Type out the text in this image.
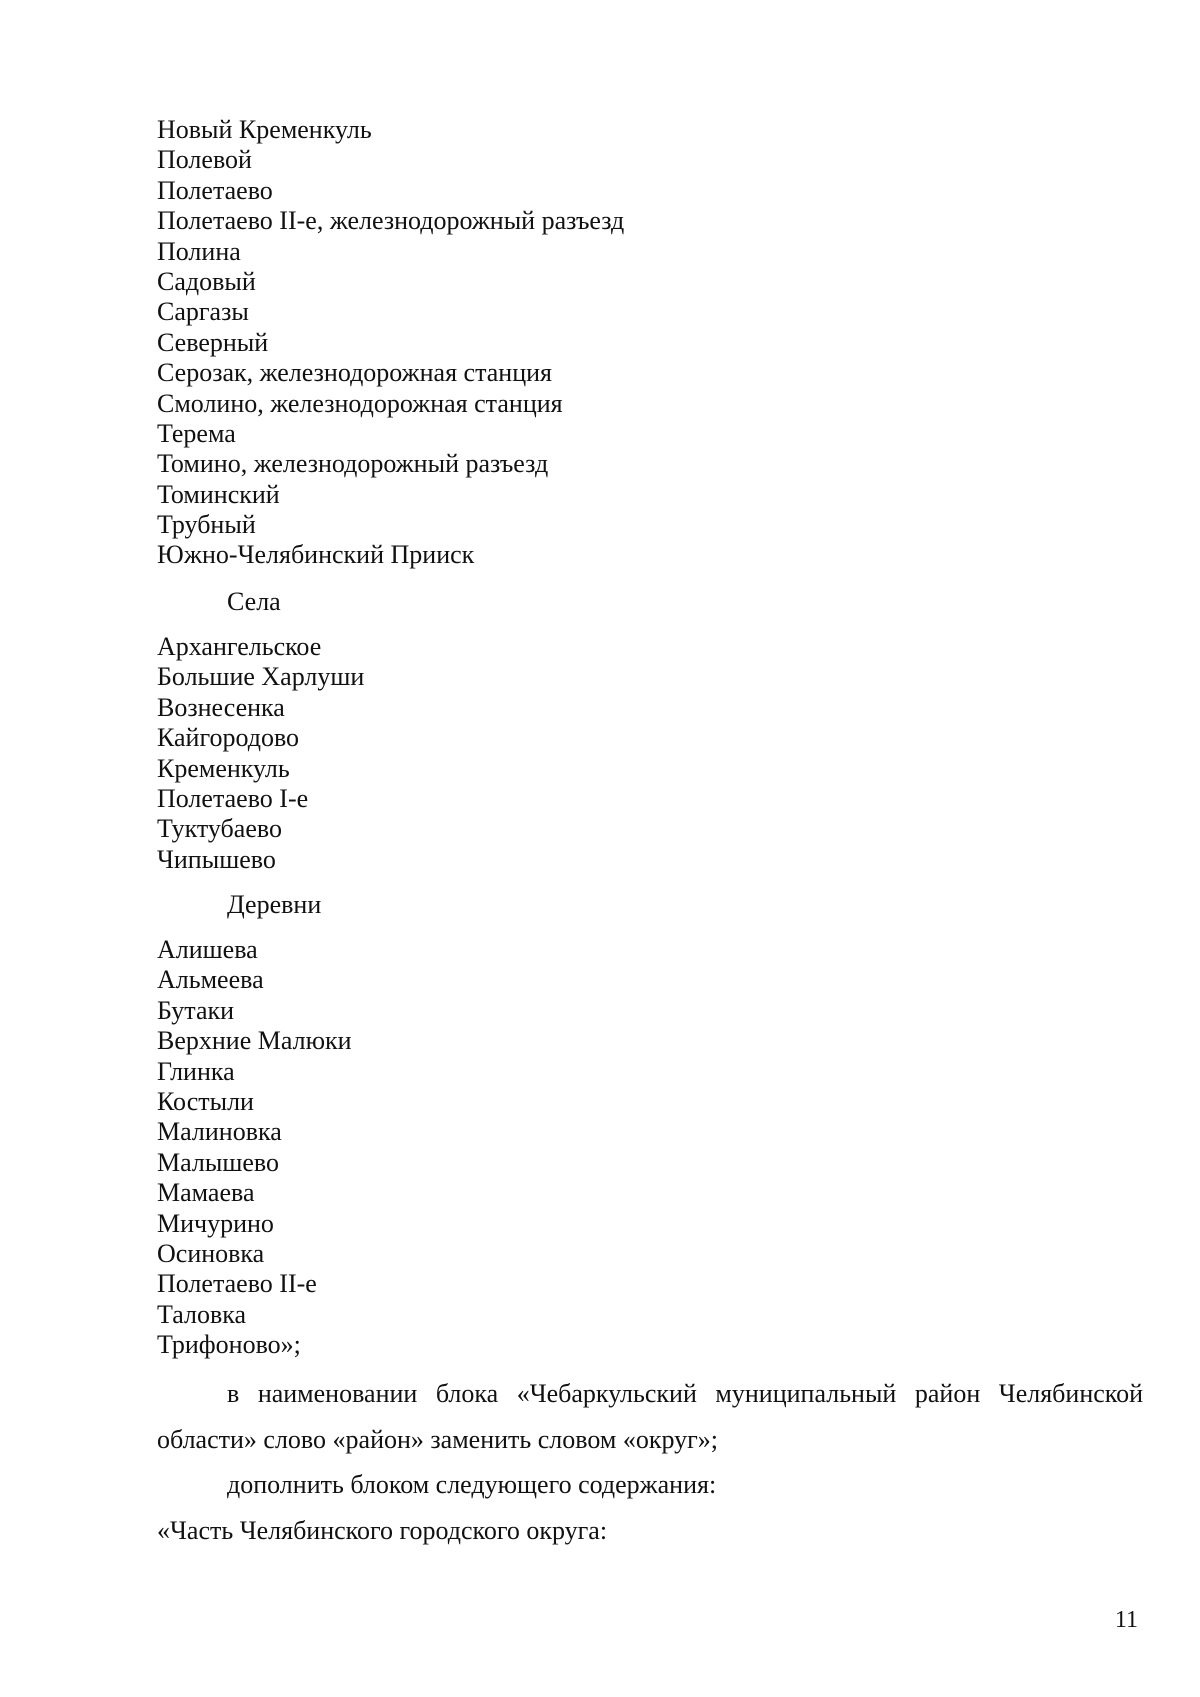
Новый Кременкуль
Полевой
Полетаево
Полетаево II-е, железнодорожный разъезд
Полина
Садовый
Саргазы
Северный
Серозак, железнодорожная станция
Смолино, железнодорожная станция
Терема
Томино, железнодорожный разъезд
Томинский
Трубный
Южно-Челябинский Прииск
Села
Архангельское
Большие Харлуши
Вознесенка
Кайгородово
Кременкуль
Полетаево I-е
Туктубаево
Чипышево
Деревни
Алишева
Альмеева
Бутаки
Верхние Малюки
Глинка
Костыли
Малиновка
Малышево
Мамаева
Мичурино
Осиновка
Полетаево II-е
Таловка
Трифоново»;

в наименовании блока «Чебаркульский муниципальный район Челябинской области» слово «район» заменить словом «округ»;

дополнить блоком следующего содержания:

«Часть Челябинского городского округа:

11
